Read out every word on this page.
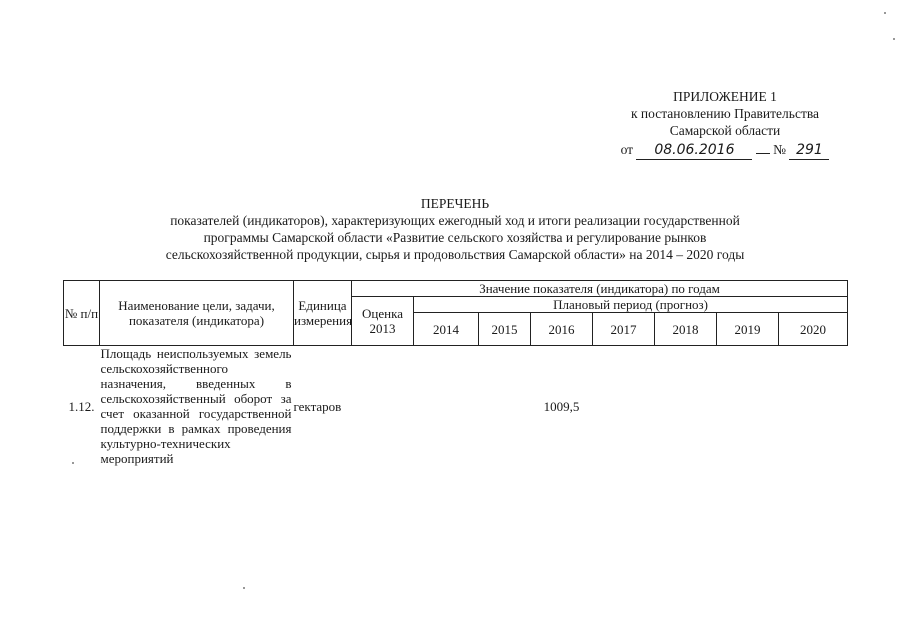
ПРИЛОЖЕНИЕ 1
к постановлению Правительства
Самарской области
от 08.06.2016	№ 291
ПЕРЕЧЕНЬ
показателей (индикаторов), характеризующих ежегодный ход и итоги реализации государственной
программы Самарской области «Развитие сельского хозяйства и регулирование рынков
сельскохозяйственной продукции, сырья и продовольствия Самарской области» на 2014 – 2020 годы
№ п/п	Наименование цели, задачи, показателя (индикатора)	Единица измерения	Значение показателя (индикатора) по годам							
			Оценка 2013	Плановый период (прогноз)						
				2014	2015	2016	2017	2018	2019	2020
1.12.	Площадь неиспользуемых земель сельскохозяйственного назначения, введенных в сельскохозяйственный оборот за счет оказанной государственной поддержки в рамках проведения культурно-технических мероприятий	гектаров				1009,5				
